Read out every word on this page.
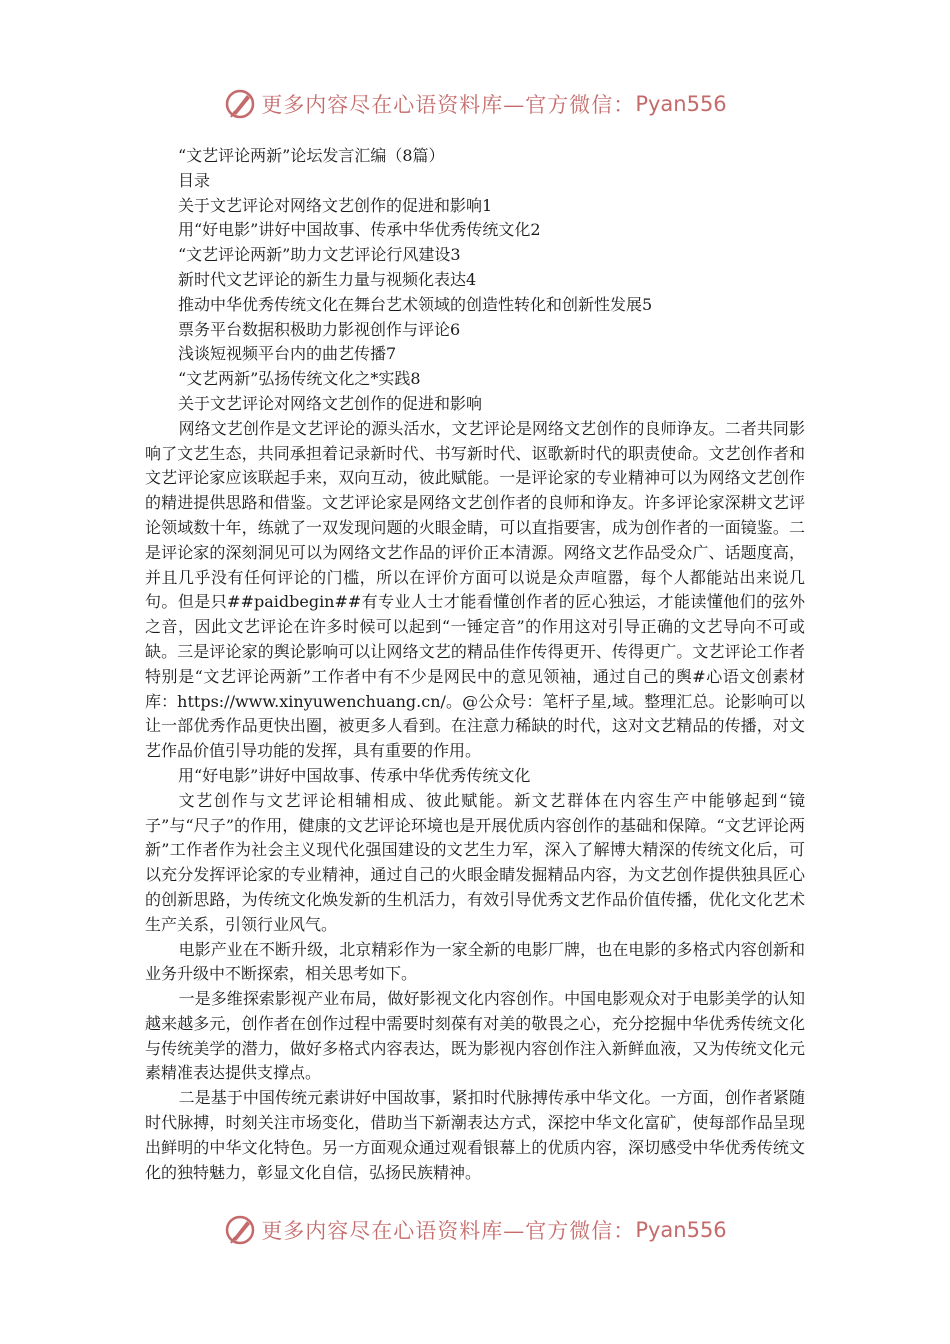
更多内容尽在心语资料库—官方微信： Pyan556
“文艺评论两新”论坛发言汇编（8篇）
目录
关于文艺评论对网络文艺创作的促进和影响1
用“好电影”讲好中国故事、传承中华优秀传统文化2
“文艺评论两新”助力文艺评论行风建设3
新时代文艺评论的新生力量与视频化表达4
推动中华优秀传统文化在舞台艺术领域的创造性转化和创新性发展5
票务平台数据积极助力影视创作与评论6
浅谈短视频平台内的曲艺传播7
“文艺两新”弘扬传统文化之*实践8
关于文艺评论对网络文艺创作的促进和影响
网络文艺创作是文艺评论的源头活水，文艺评论是网络文艺创作的良师诤友。二者共同影响了文艺生态，共同承担着记录新时代、书写新时代、讴歌新时代的职责使命。文艺创作者和文艺评论家应该联起手来，双向互动，彼此赋能。一是评论家的专业精神可以为网络文艺创作的精进提供思路和借鉴。文艺评论家是网络文艺创作者的良师和诤友。许多评论家深耕文艺评论领域数十年，练就了一双发现问题的火眼金睛，可以直指要害，成为创作者的一面镜鉴。二是评论家的深刻洞见可以为网络文艺作品的评价正本清源。网络文艺作品受众广、话题度高，并且几乎没有任何评论的门槛，所以在评价方面可以说是众声喧嚣，每个人都能站出来说几句。但是只##paidbegin##有专业人士才能看懂创作者的匠心独运，才能读懂他们的弦外之音，因此文艺评论在许多时候可以起到“一锤定音”的作用这对引导正确的文艺导向不可或缺。三是评论家的舆论影响可以让网络文艺的精品佳作传得更开、传得更广。文艺评论工作者特别是“文艺评论两新”工作者中有不少是网民中的意见领袖，通过自己的舆#心语文创素材库：https://www.xinyuwenchuang.cn/。@公众号：笔杆子星,域。整理汇总。论影响可以让一部优秀作品更快出圈，被更多人看到。在注意力稀缺的时代，这对文艺精品的传播，对文艺作品价值引导功能的发挥，具有重要的作用。
用“好电影”讲好中国故事、传承中华优秀传统文化
文艺创作与文艺评论相辅相成、彼此赋能。新文艺群体在内容生产中能够起到“镜子”与“尺子”的作用，健康的文艺评论环境也是开展优质内容创作的基础和保障。“文艺评论两新”工作者作为社会主义现代化强国建设的文艺生力军，深入了解博大精深的传统文化后，可以充分发挥评论家的专业精神，通过自己的火眼金睛发掘精品内容，为文艺创作提供独具匠心的创新思路，为传统文化焕发新的生机活力，有效引导优秀文艺作品价值传播，优化文化艺术生产关系，引领行业风气。
电影产业在不断升级，北京精彩作为一家全新的电影厂牌，也在电影的多格式内容创新和业务升级中不断探索，相关思考如下。
一是多维探索影视产业布局，做好影视文化内容创作。中国电影观众对于电影美学的认知越来越多元，创作者在创作过程中需要时刻葆有对美的敬畏之心，充分挖掘中华优秀传统文化与传统美学的潜力，做好多格式内容表达，既为影视内容创作注入新鲜血液，又为传统文化元素精准表达提供支撑点。
二是基于中国传统元素讲好中国故事，紧扣时代脉搏传承中华文化。一方面，创作者紧随时代脉搏，时刻关注市场变化，借助当下新潮表达方式，深挖中华文化富矿，使每部作品呈现出鲜明的中华文化特色。另一方面观众通过观看银幕上的优质内容，深切感受中华优秀传统文化的独特魅力，彰显文化自信，弘扬民族精神。
更多内容尽在心语资料库—官方微信： Pyan556
